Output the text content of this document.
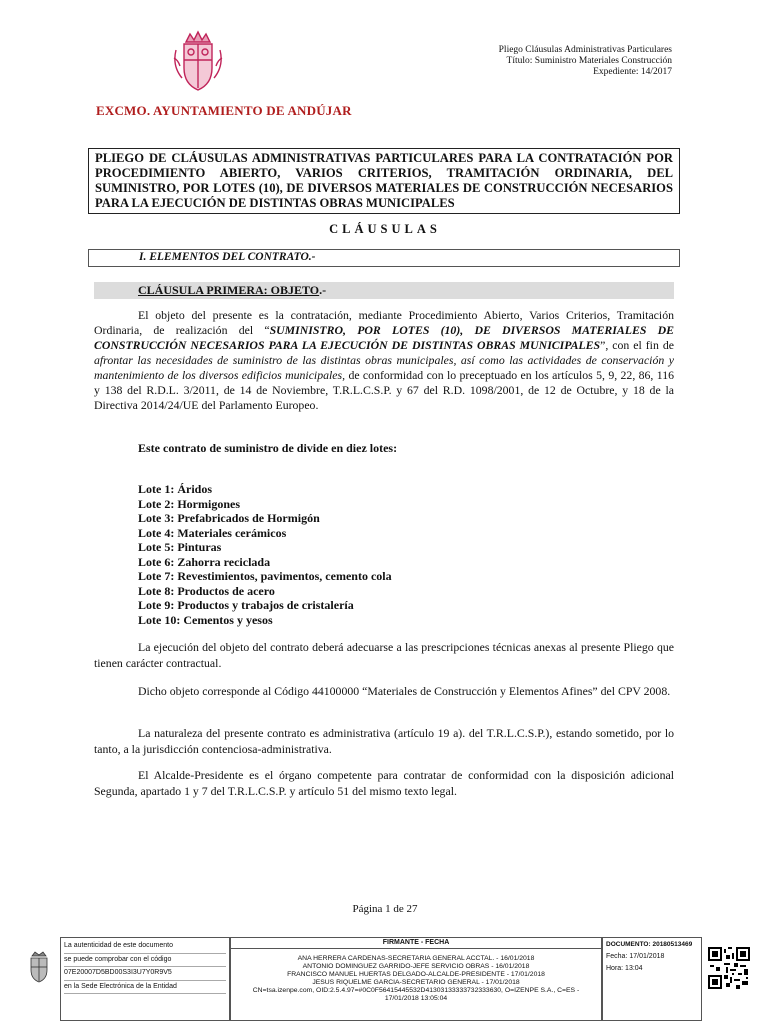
EXCMO. AYUNTAMIENTO DE ANDÚJAR
Pliego Cláusulas Administrativas Particulares
Título: Suministro Materiales Construcción
Expediente: 14/2017
PLIEGO DE CLÁUSULAS ADMINISTRATIVAS PARTICULARES PARA LA CONTRATACIÓN POR PROCEDIMIENTO ABIERTO, VARIOS CRITERIOS, TRAMITACIÓN ORDINARIA, DEL SUMINISTRO, POR LOTES (10), DE DIVERSOS MATERIALES DE CONSTRUCCIÓN NECESARIOS PARA LA EJECUCIÓN DE DISTINTAS OBRAS MUNICIPALES
CLÁUSULAS
I. ELEMENTOS DEL CONTRATO.-
CLÁUSULA PRIMERA: OBJETO.-
El objeto del presente es la contratación, mediante Procedimiento Abierto, Varios Criterios, Tramitación Ordinaria, de realización del “SUMINISTRO, POR LOTES (10), DE DIVERSOS MATERIALES DE CONSTRUCCIÓN NECESARIOS PARA LA EJECUCIÓN DE DISTINTAS OBRAS MUNICIPALES”, con el fin de afrontar las necesidades de suministro de las distintas obras municipales, así como las actividades de conservación y mantenimiento de los diversos edificios municipales, de conformidad con lo preceptuado en los artículos 5, 9, 22, 86, 116 y 138 del R.D.L. 3/2011, de 14 de Noviembre, T.R.L.C.S.P. y 67 del R.D. 1098/2001, de 12 de Octubre, y 18 de la Directiva 2014/24/UE del Parlamento Europeo.
Este contrato de suministro de divide en diez lotes:
Lote 1: Áridos
Lote 2: Hormigones
Lote 3: Prefabricados de Hormigón
Lote 4: Materiales cerámicos
Lote 5: Pinturas
Lote 6: Zahorra reciclada
Lote 7: Revestimientos, pavimentos, cemento cola
Lote 8: Productos de acero
Lote 9: Productos y trabajos de cristalería
Lote 10: Cementos y yesos
La ejecución del objeto del contrato deberá adecuarse a las prescripciones técnicas anexas al presente Pliego que tienen carácter contractual.
Dicho objeto corresponde al Código 44100000 “Materiales de Construcción y Elementos Afines” del CPV 2008.
La naturaleza del presente contrato es administrativa (artículo 19 a). del T.R.L.C.S.P.), estando sometido, por lo tanto, a la jurisdicción contenciosa-administrativa.
El Alcalde-Presidente es el órgano competente para contratar de conformidad con la disposición adicional Segunda, apartado 1 y 7 del T.R.L.C.S.P. y artículo 51 del mismo texto legal.
Página 1 de 27
La autenticidad de este documento
se puede comprobar con el código
07E20007D5BD00S3I3U7Y0R9V5
en la Sede Electrónica de la Entidad
FIRMANTE - FECHA
ANA HERRERA CARDENAS-SECRETARIA GENERAL ACCTAL. - 16/01/2018
ANTONIO DOMINGUEZ GARRIDO-JEFE SERVICIO OBRAS - 16/01/2018
FRANCISCO MANUEL HUERTAS DELGADO-ALCALDE-PRESIDENTE - 17/01/2018
JESUS RIQUELME GARCIA-SECRETARIO GENERAL - 17/01/2018
CN=tsa.izenpe.com, OID:2.5.4.97=#0C0F56415445532D41303133333732333630, O=IZENPE S.A., C=ES - 17/01/2018 13:05:04
DOCUMENTO: 20180513469
Fecha: 17/01/2018
Hora: 13:04
